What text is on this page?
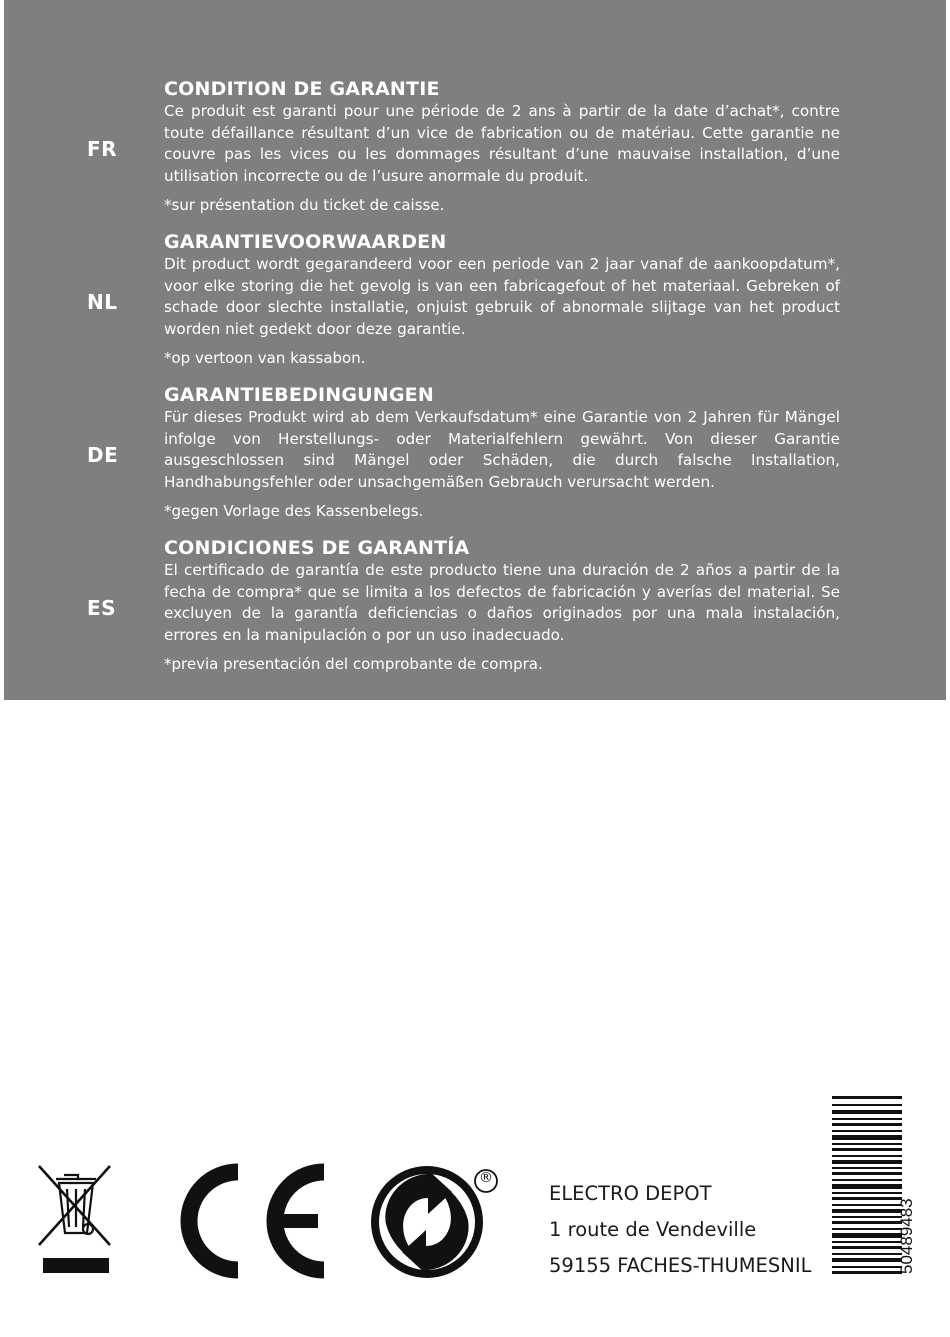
FR
CONDITION DE GARANTIE

Ce produit est garanti pour une période de 2 ans à partir de la date d’achat*, contre toute défaillance résultant d’un vice de fabrication ou de matériau. Cette garantie ne couvre pas les vices ou les dommages résultant d’une mauvaise installation, d’une utilisation incorrecte ou de l’usure anormale du produit.

*sur présentation du ticket de caisse.

NL
GARANTIEVOORWAARDEN

Dit product wordt gegarandeerd voor een periode van 2 jaar vanaf de aankoopdatum*, voor elke storing die het gevolg is van een fabricagefout of het materiaal. Gebreken of schade door slechte installatie, onjuist gebruik of abnormale slijtage van het product worden niet gedekt door deze garantie.

*op vertoon van kassabon.

DE
GARANTIEBEDINGUNGEN

Für dieses Produkt wird ab dem Verkaufsdatum* eine Garantie von 2 Jahren für Mängel infolge von Herstellungs- oder Materialfehlern gewährt. Von dieser Garantie ausgeschlossen sind Mängel oder Schäden, die durch falsche Installation, Handhabungsfehler oder unsachgemäßen Gebrauch verursacht werden.

*gegen Vorlage des Kassenbelegs.

ES
CONDICIONES DE GARANTÍA

El certificado de garantía de este producto tiene una duración de 2 años a partir de la fecha de compra* que se limita a los defectos de fabricación y averías del material. Se excluyen de la garantía deficiencias o daños originados por una mala instalación, errores en la manipulación o por un uso inadecuado.

*previa presentación del comprobante de compra.

®
ELECTRO DEPOT
1 route de Vendeville
59155 FACHES-THUMESNIL	50489483
